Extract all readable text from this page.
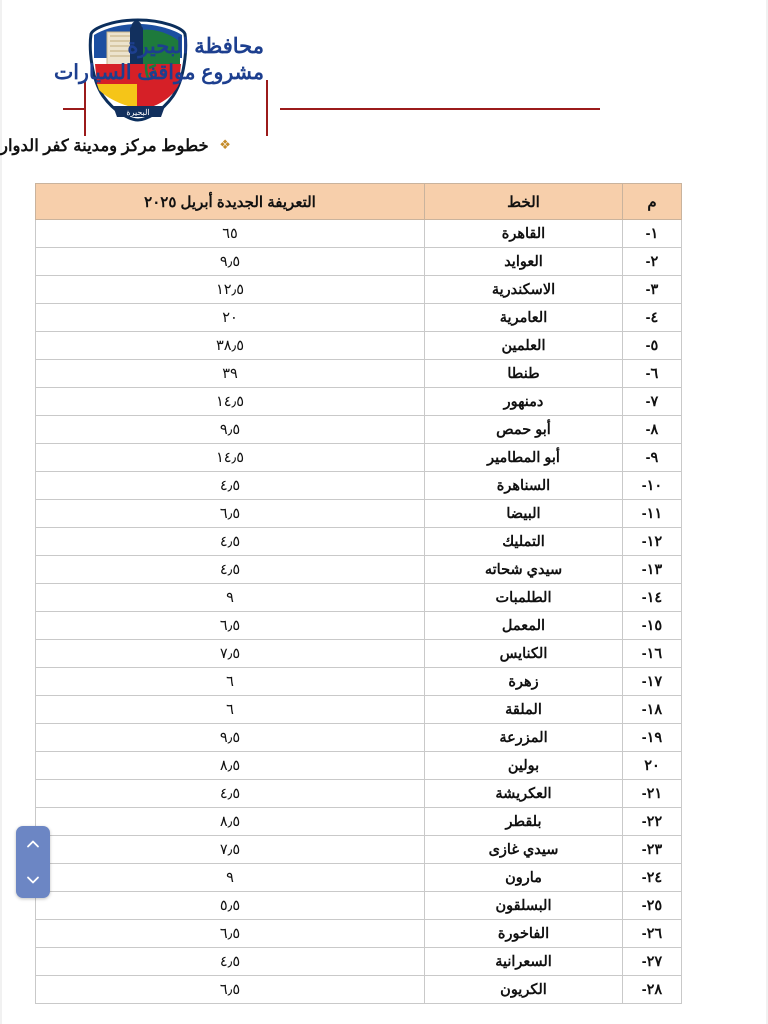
البحيرة
محافظة البحيرة
مشروع مواقف السيارات
❖ خطوط مركز ومدينة كفر الدوار
م	الخط	التعريفة الجديدة أبريل ٢٠٢٥
١-	القاهرة	٦٥
٢-	العوايد	٩٫٥
٣-	الاسكندرية	١٢٫٥
٤-	العامرية	٢٠
٥-	العلمين	٣٨٫٥
٦-	طنطا	٣٩
٧-	دمنهور	١٤٫٥
٨-	أبو حمص	٩٫٥
٩-	أبو المطامير	١٤٫٥
١٠-	السناهرة	٤٫٥
١١-	البيضا	٦٫٥
١٢-	التمليك	٤٫٥
١٣-	سيدي شحاته	٤٫٥
١٤-	الطلمبات	٩
١٥-	المعمل	٦٫٥
١٦-	الكنايس	٧٫٥
١٧-	زهرة	٦
١٨-	الملقة	٦
١٩-	المزرعة	٩٫٥
٢٠	بولين	٨٫٥
٢١-	العكريشة	٤٫٥
٢٢-	بلقطر	٨٫٥
٢٣-	سيدي غازى	٧٫٥
٢٤-	مارون	٩
٢٥-	البسلقون	٥٫٥
٢٦-	الفاخورة	٦٫٥
٢٧-	السعرانية	٤٫٥
٢٨-	الكريون	٦٫٥
